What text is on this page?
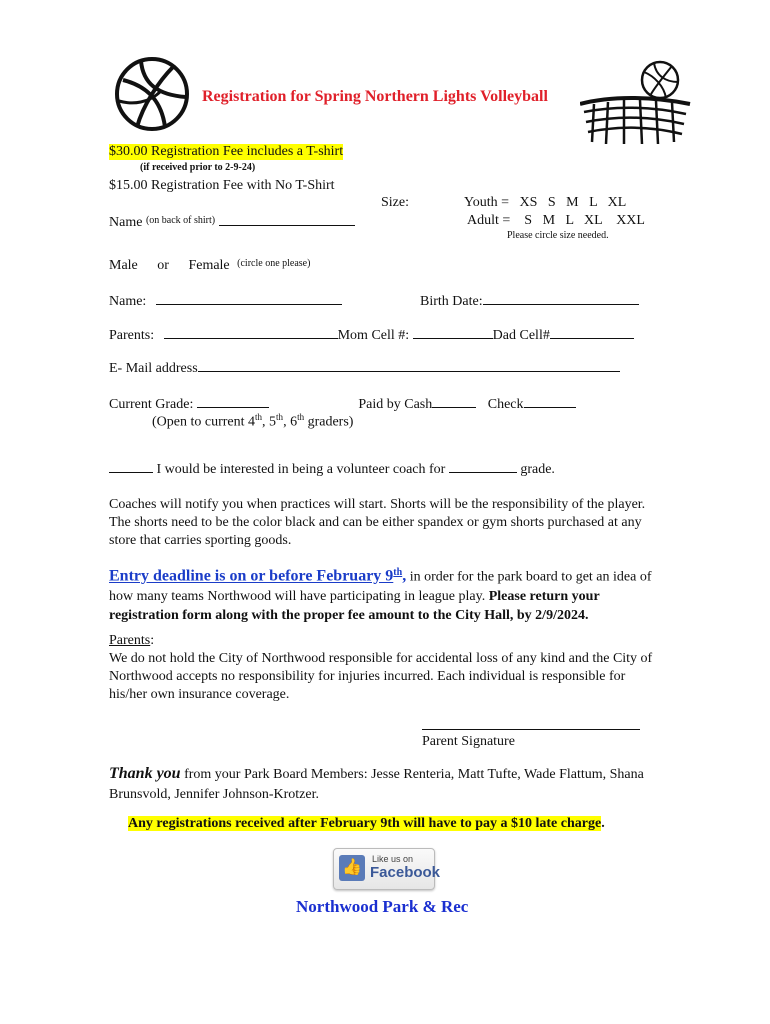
Registration for Spring Northern Lights Volleyball
$30.00 Registration Fee includes a T-shirt
(if received prior to 2-9-24)
$15.00 Registration Fee with No T-Shirt
Size:	Youth =   XS   S   M   L   XL
Adult =    S   M   L   XL    XXL
Please circle size needed.
Name $^{(on back of shirt)}$
Male or Female $^{(circle one please)}$
Name:	Birth Date:
Parents:	Mom Cell #:	Dad Cell#
E- Mail address
Current Grade:	Paid by Cash	Check
(Open to current 4th, 5th, 6th graders)
I would be interested in being a volunteer coach for	grade.

Coaches will notify you when practices will start. Shorts will be the responsibility of the player. The shorts need to be the color black and can be either spandex or gym shorts purchased at any store that carries sporting goods.

Entry deadline is on or before February 9th, in order for the park board to get an idea of how many teams Northwood will have participating in league play. Please return your registration form along with the proper fee amount to the City Hall, by 2/9/2024.

Parents:
We do not hold the City of Northwood responsible for accidental loss of any kind and the City of Northwood accepts no responsibility for injuries incurred. Each individual is responsible for his/her own insurance coverage.

Parent Signature

Thank you from your Park Board Members: Jesse Renteria, Matt Tufte, Wade Flattum, Shana Brunsvold, Jennifer Johnson-Krotzer.

Any registrations received after February 9th will have to pay a $10 late charge.
👍	Like us on
Facebook
Northwood Park & Rec
